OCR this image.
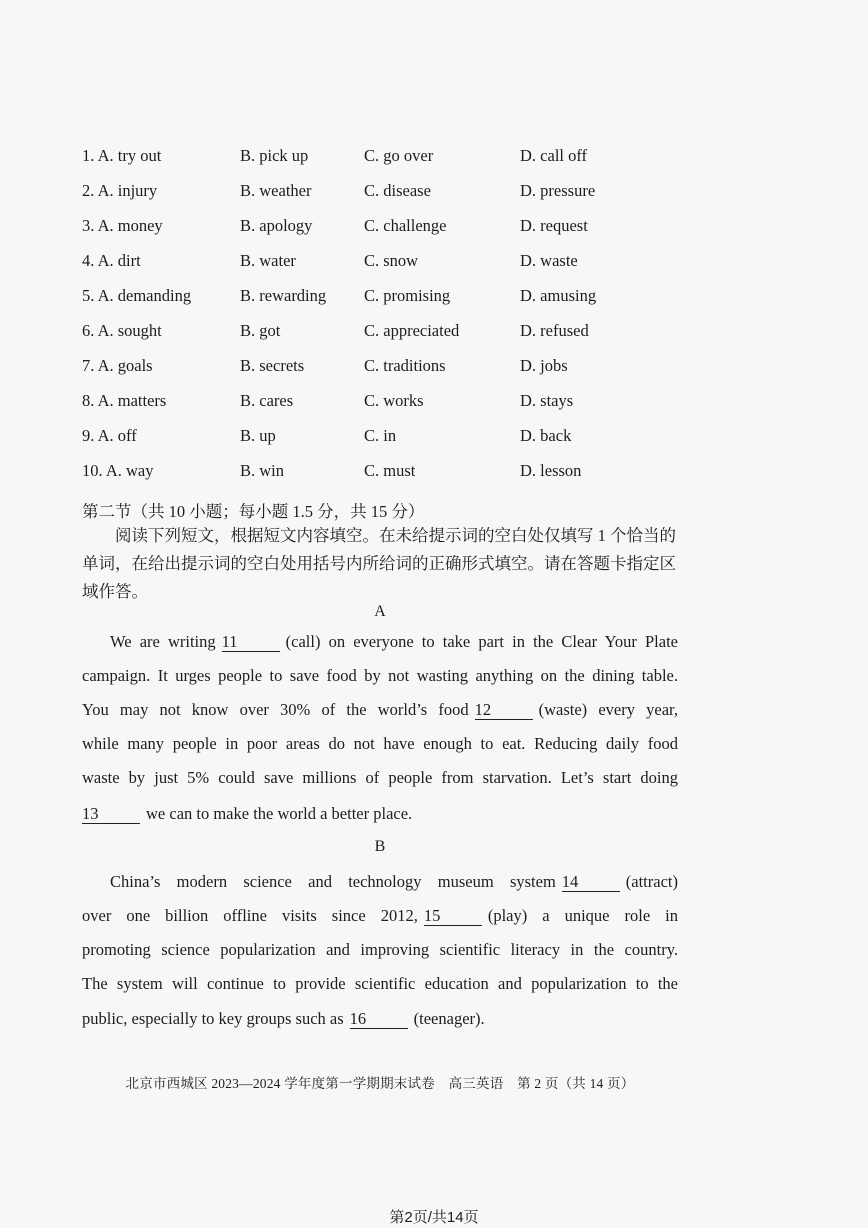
1. A. try out	B. pick up	C. go over	D. call off
2. A. injury	B. weather	C. disease	D. pressure
3. A. money	B. apology	C. challenge	D. request
4. A. dirt	B. water	C. snow	D. waste
5. A. demanding	B. rewarding C. promising	D. amusing
6. A. sought	B. got	C. appreciated	D. refused
7. A. goals	B. secrets	C. traditions	D. jobs
8. A. matters	B. cares	C. works	D. stays
9. A. off	B. up	C. in	D. back
10. A. way	B. win	C. must	D. lesson
第二节（共 10 小题；每小题 1.5 分，共 15 分）
阅读下列短文，根据短文内容填空。在未给提示词的空白处仅填写 1 个恰当的单词，在给出提示词的空白处用括号内所给词的正确形式填空。请在答题卡指定区域作答。
A
We are writing 11	(call) on everyone to take part in the Clear Your Plate
campaign. It urges people to save food by not wasting anything on the dining table.
You may not know over 30% of the world’s food 12	(waste) every year,
while many people in poor areas do not have enough to eat. Reducing daily food
waste by just 5% could save millions of people from starvation. Let’s start doing
13	we can to make the world a better place.
B
China’s modern science and technology museum system 14	(attract)
over one billion offline visits since 2012, 15	(play) a unique role in
promoting science popularization and improving scientific literacy in the country.
The system will continue to provide scientific education and popularization to the
public, especially to key groups such as 16	(teenager).
北京市西城区 2023—2024 学年度第一学期期末试卷　高三英语　第 2 页（共 14 页）
第2页/共14页
